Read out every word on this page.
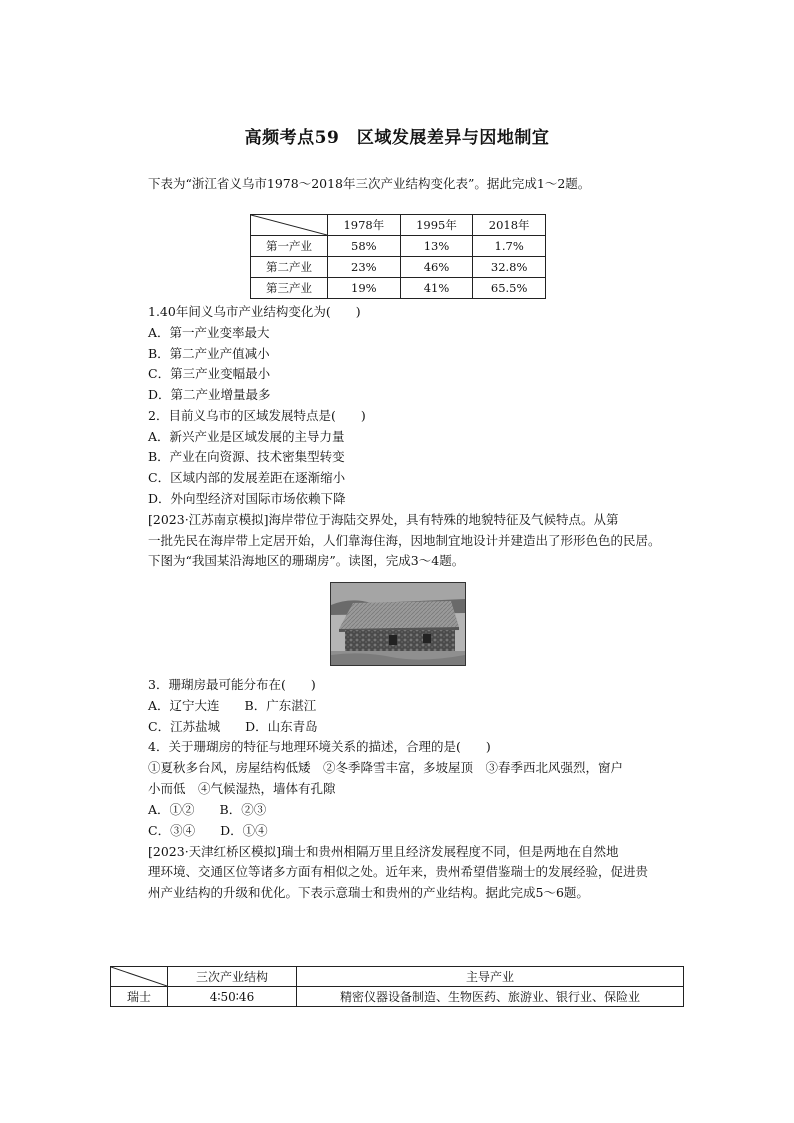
高频考点59　区域发展差异与因地制宜
下表为“浙江省义乌市1978～2018年三次产业结构变化表”。据此完成1～2题。
	1978年	1995年	2018年
第一产业	58%	13%	1.7%
第二产业	23%	46%	32.8%
第三产业	19%	41%	65.5%
1.40年间义乌市产业结构变化为(　　)
A．第一产业变率最大
B．第二产业产值减小
C．第三产业变幅最小
D．第二产业增量最多
2．目前义乌市的区域发展特点是(　　)
A．新兴产业是区域发展的主导力量
B．产业在向资源、技术密集型转变
C．区域内部的发展差距在逐渐缩小
D．外向型经济对国际市场依赖下降
[2023·江苏南京模拟]海岸带位于海陆交界处，具有特殊的地貌特征及气候特点。从第
一批先民在海岸带上定居开始，人们靠海住海，因地制宜地设计并建造出了形形色色的民居。
下图为“我国某沿海地区的珊瑚房”。读图，完成3～4题。
3．珊瑚房最可能分布在(　　)
A．辽宁大连　　B．广东湛江
C．江苏盐城　　D．山东青岛
4．关于珊瑚房的特征与地理环境关系的描述，合理的是(　　)
①夏秋多台风，房屋结构低矮　②冬季降雪丰富，多坡屋顶　③春季西北风强烈，窗户
小而低　④气候湿热，墙体有孔隙
A．①②　　B．②③
C．③④　　D．①④
[2023·天津红桥区模拟]瑞士和贵州相隔万里且经济发展程度不同，但是两地在自然地
理环境、交通区位等诸多方面有相似之处。近年来，贵州希望借鉴瑞士的发展经验，促进贵
州产业结构的升级和优化。下表示意瑞士和贵州的产业结构。据此完成5～6题。
	三次产业结构	主导产业
瑞士	4∶50∶46	精密仪器设备制造、生物医药、旅游业、银行业、保险业
